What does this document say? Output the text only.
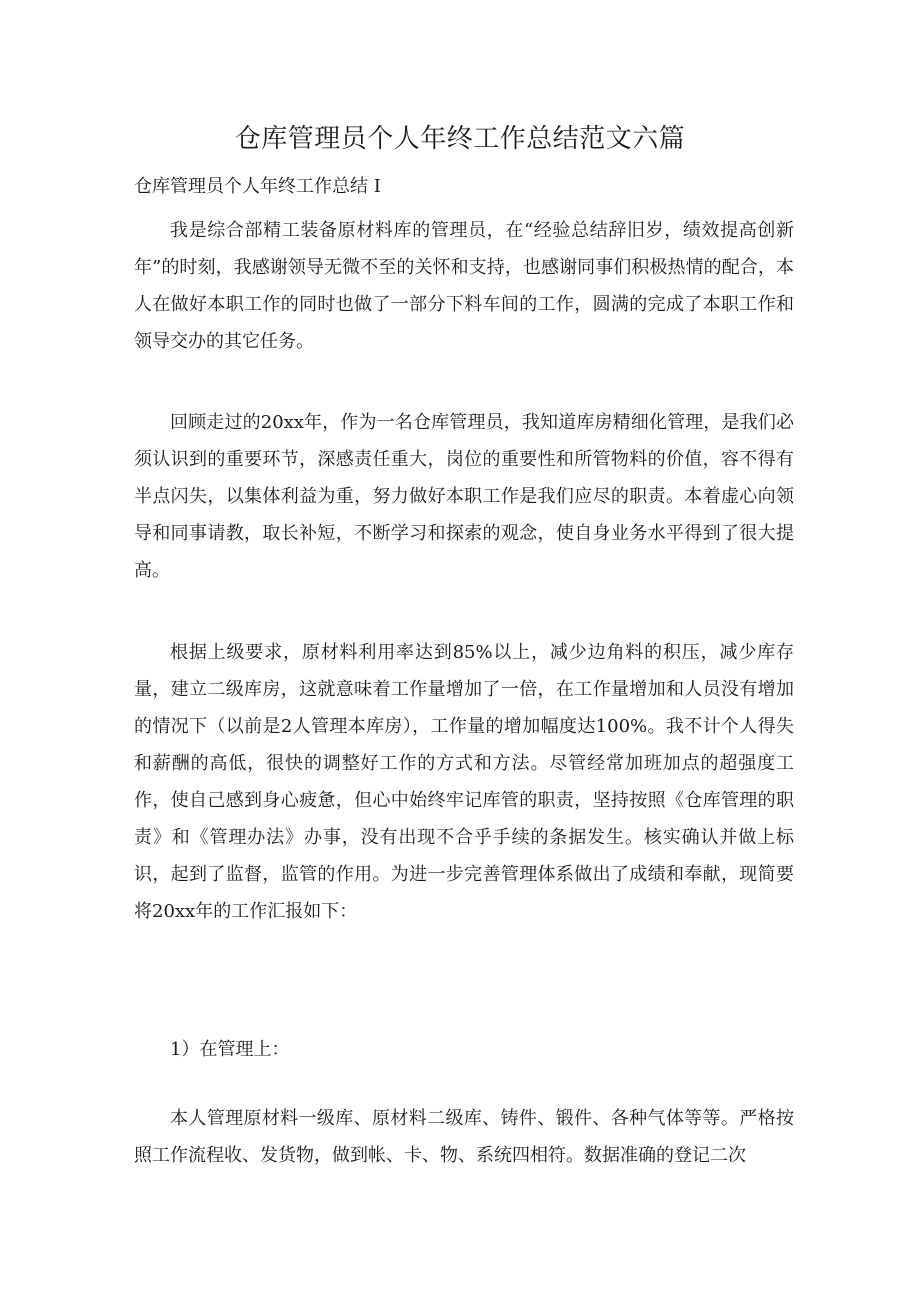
仓库管理员个人年终工作总结范文六篇

仓库管理员个人年终工作总结 I

我是综合部精工装备原材料库的管理员，在“经验总结辞旧岁，绩效提高创新年”的时刻，我感谢领导无微不至的关怀和支持，也感谢同事们积极热情的配合，本人在做好本职工作的同时也做了一部分下料车间的工作，圆满的完成了本职工作和领导交办的其它任务。

回顾走过的20xx年，作为一名仓库管理员，我知道库房精细化管理，是我们必须认识到的重要环节，深感责任重大，岗位的重要性和所管物料的价值，容不得有半点闪失，以集体利益为重，努力做好本职工作是我们应尽的职责。本着虚心向领导和同事请教，取长补短，不断学习和探索的观念，使自身业务水平得到了很大提高。

根据上级要求，原材料利用率达到85%以上，减少边角料的积压，减少库存量，建立二级库房，这就意味着工作量增加了一倍，在工作量增加和人员没有增加的情况下（以前是2人管理本库房），工作量的增加幅度达100%。我不计个人得失和薪酬的高低，很快的调整好工作的方式和方法。尽管经常加班加点的超强度工作，使自己感到身心疲惫，但心中始终牢记库管的职责，坚持按照《仓库管理的职责》和《管理办法》办事，没有出现不合乎手续的条据发生。核实确认并做上标识，起到了监督，监管的作用。为进一步完善管理体系做出了成绩和奉献，现简要将20xx年的工作汇报如下：

1）在管理上：

本人管理原材料一级库、原材料二级库、铸件、锻件、各种气体等等。严格按照工作流程收、发货物，做到帐、卡、物、系统四相符。数据准确的登记二次
